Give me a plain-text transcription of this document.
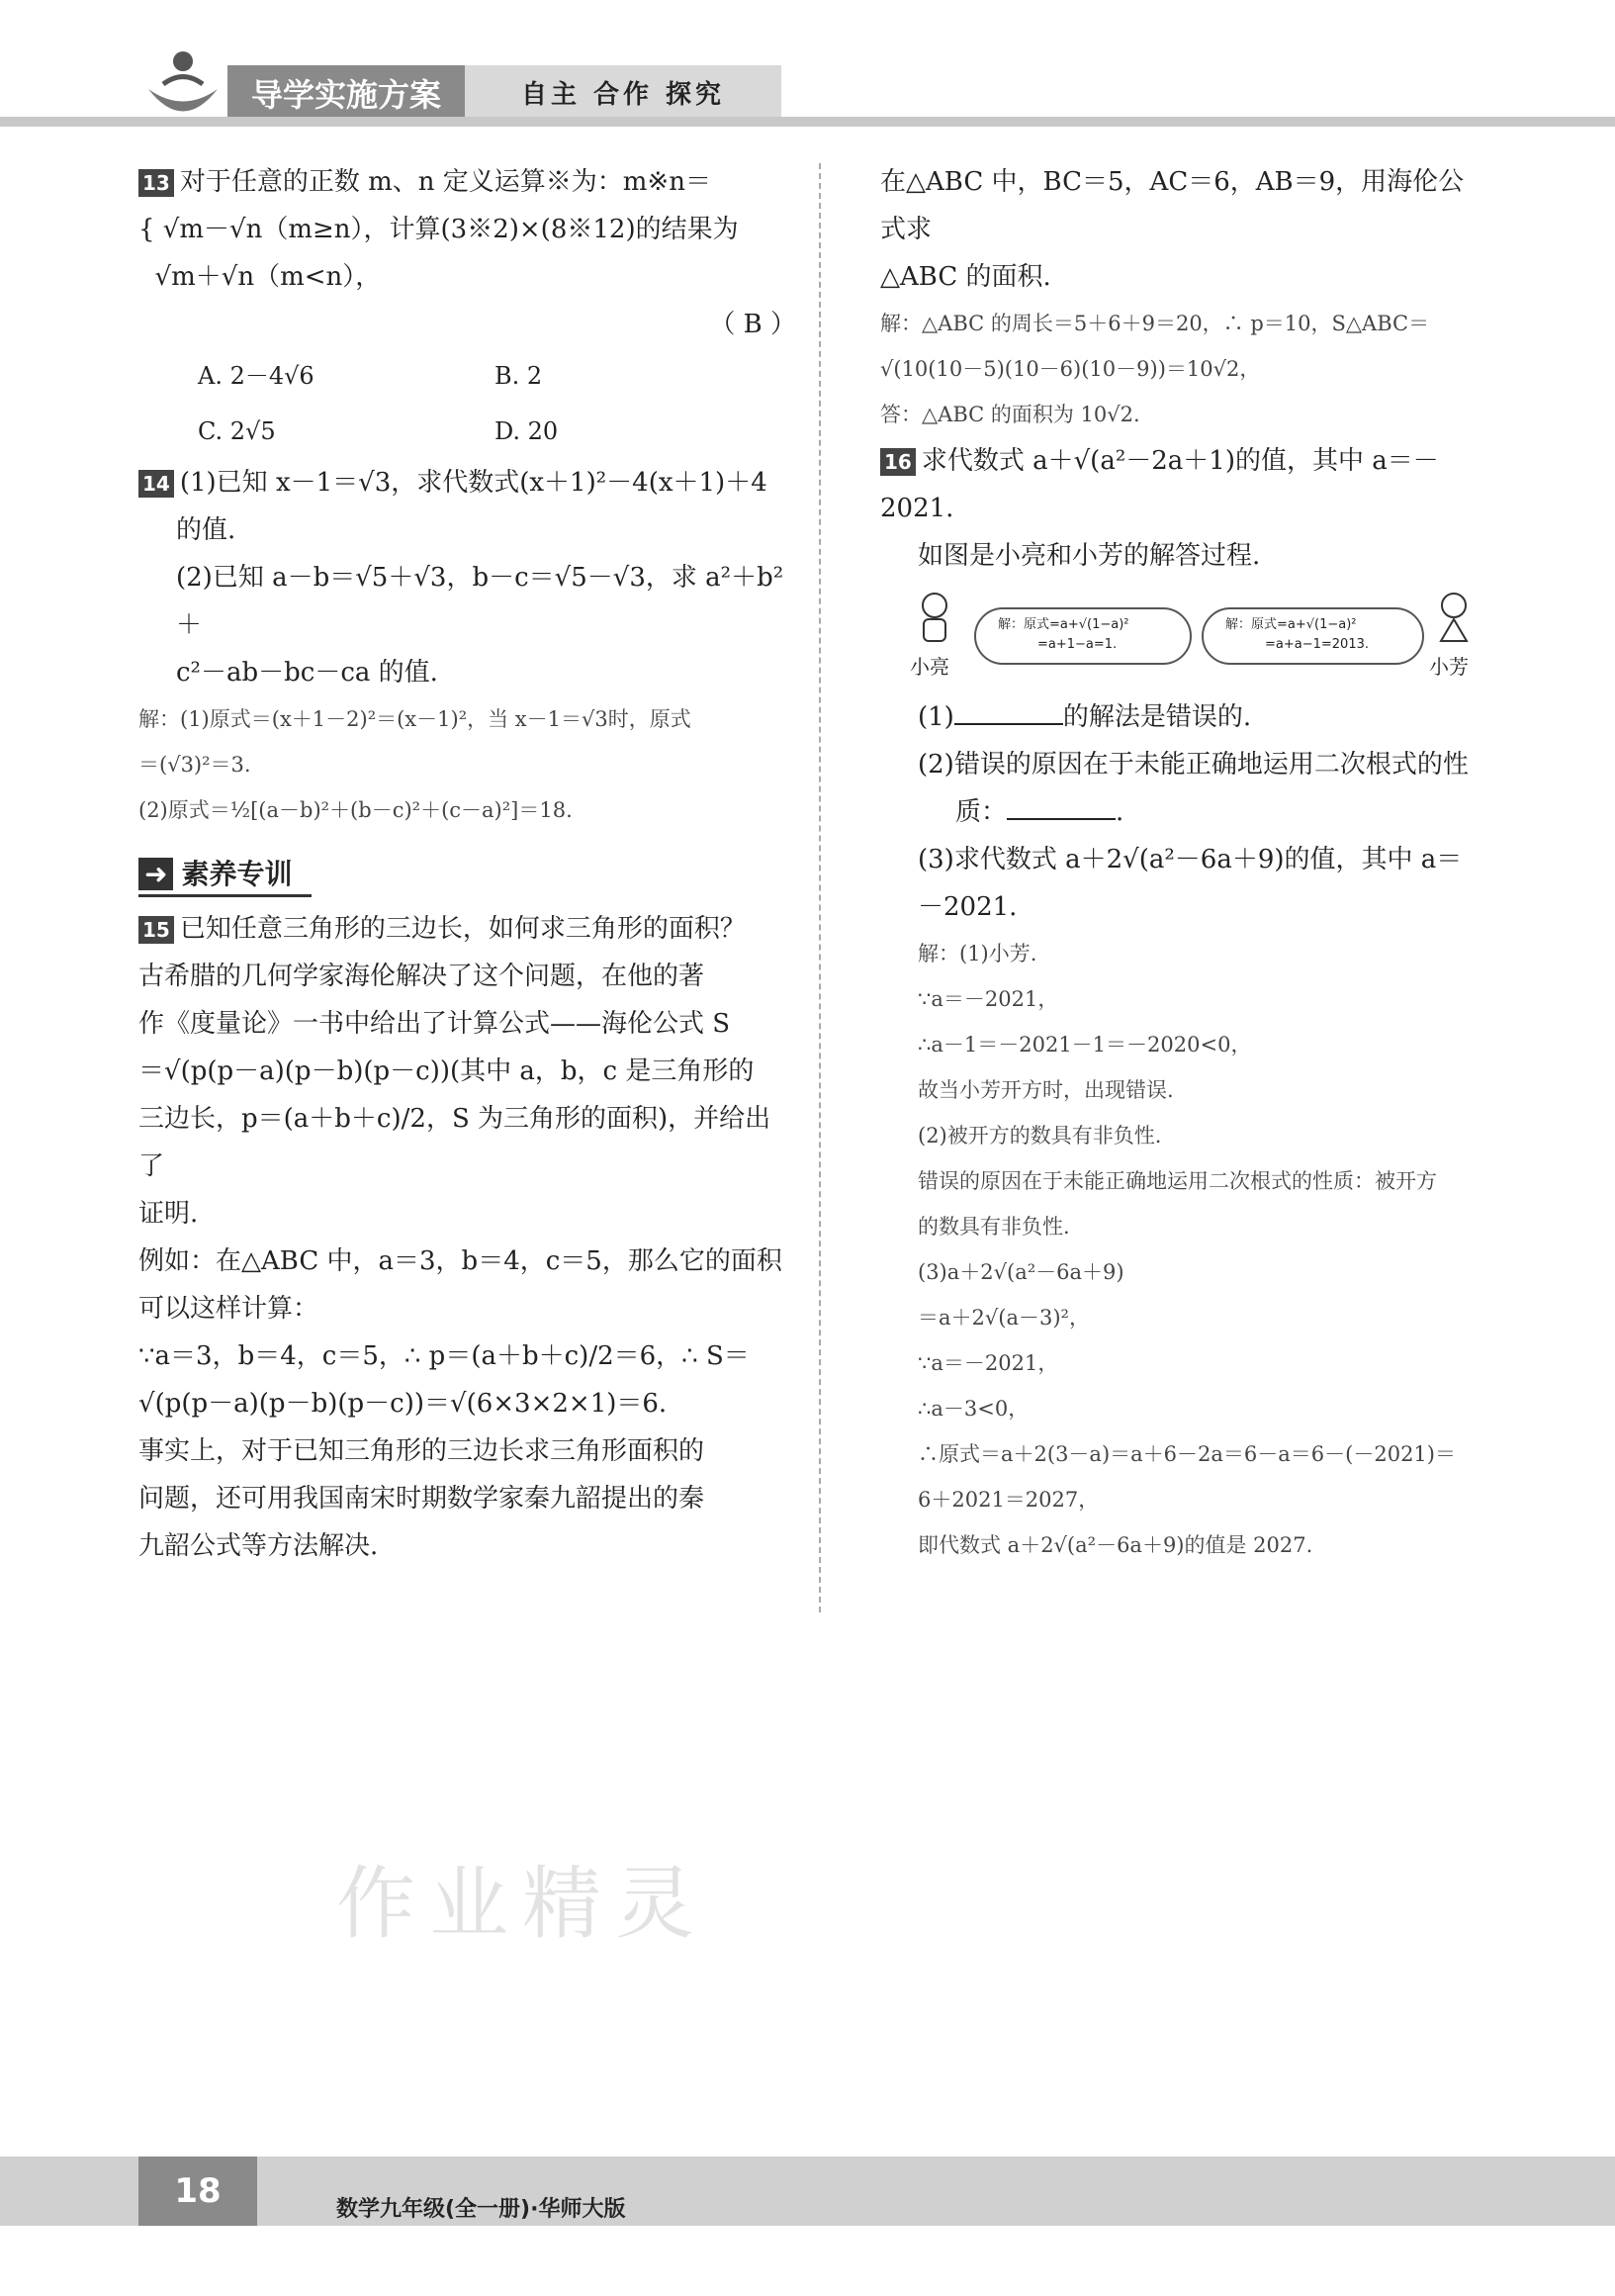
导学实施方案	自主 合作 探究

13 对于任意的正数 m、n 定义运算※为：m※n＝

{ √m－√n（m≥n），计算(3※2)×(8※12)的结果为

√m＋√n（m<n），

（ B ）

A. 2－4√6	B. 2
C. 2√5	D. 20

14 (1)已知 x－1＝√3，求代数式(x＋1)²－4(x＋1)＋4

的值.

(2)已知 a－b＝√5＋√3，b－c＝√5－√3，求 a²＋b²＋

c²－ab－bc－ca 的值.

解：(1)原式＝(x＋1－2)²＝(x－1)²，当 x－1＝√3时，原式

＝(√3)²＝3.

(2)原式＝½[(a－b)²＋(b－c)²＋(c－a)²]＝18.

➜ 素养专训

15 已知任意三角形的三边长，如何求三角形的面积？

古希腊的几何学家海伦解决了这个问题，在他的著

作《度量论》一书中给出了计算公式——海伦公式 S

＝√(p(p－a)(p－b)(p－c))(其中 a，b，c 是三角形的

三边长，p＝(a＋b＋c)/2，S 为三角形的面积)，并给出了

证明.

例如：在△ABC 中，a＝3，b＝4，c＝5，那么它的面积

可以这样计算：

∵a＝3，b＝4，c＝5，∴ p＝(a＋b＋c)/2＝6，∴ S＝

√(p(p－a)(p－b)(p－c))＝√(6×3×2×1)＝6.

事实上，对于已知三角形的三边长求三角形面积的

问题，还可用我国南宋时期数学家秦九韶提出的秦

九韶公式等方法解决.

在△ABC 中，BC＝5，AC＝6，AB＝9，用海伦公式求

△ABC 的面积.

解：△ABC 的周长＝5＋6＋9＝20，∴ p＝10，S△ABC＝

√(10(10－5)(10－6)(10－9))＝10√2，

答：△ABC 的面积为 10√2.

16 求代数式 a＋√(a²－2a＋1)的值，其中 a＝－2021.

如图是小亮和小芳的解答过程.

小亮
解：原式=a+√(1−a)²
=a+1−a=1.
解：原式=a+√(1−a)²
=a+a−1=2013.
小芳

(1)	的解法是错误的.

(2)错误的原因在于未能正确地运用二次根式的性

质：	.

(3)求代数式 a＋2√(a²－6a＋9)的值，其中 a＝

－2021.

解：(1)小芳.

∵a＝－2021，

∴a－1＝－2021－1＝－2020<0，

故当小芳开方时，出现错误.

(2)被开方的数具有非负性.

错误的原因在于未能正确地运用二次根式的性质：被开方

的数具有非负性.

(3)a＋2√(a²－6a＋9)

＝a＋2√(a－3)²，

∵a＝－2021，

∴a－3<0，

∴原式＝a＋2(3－a)＝a＋6－2a＝6－a＝6－(－2021)＝

6＋2021＝2027，

即代数式 a＋2√(a²－6a＋9)的值是 2027.

作业精灵
18	数学九年级(全一册)·华师大版
